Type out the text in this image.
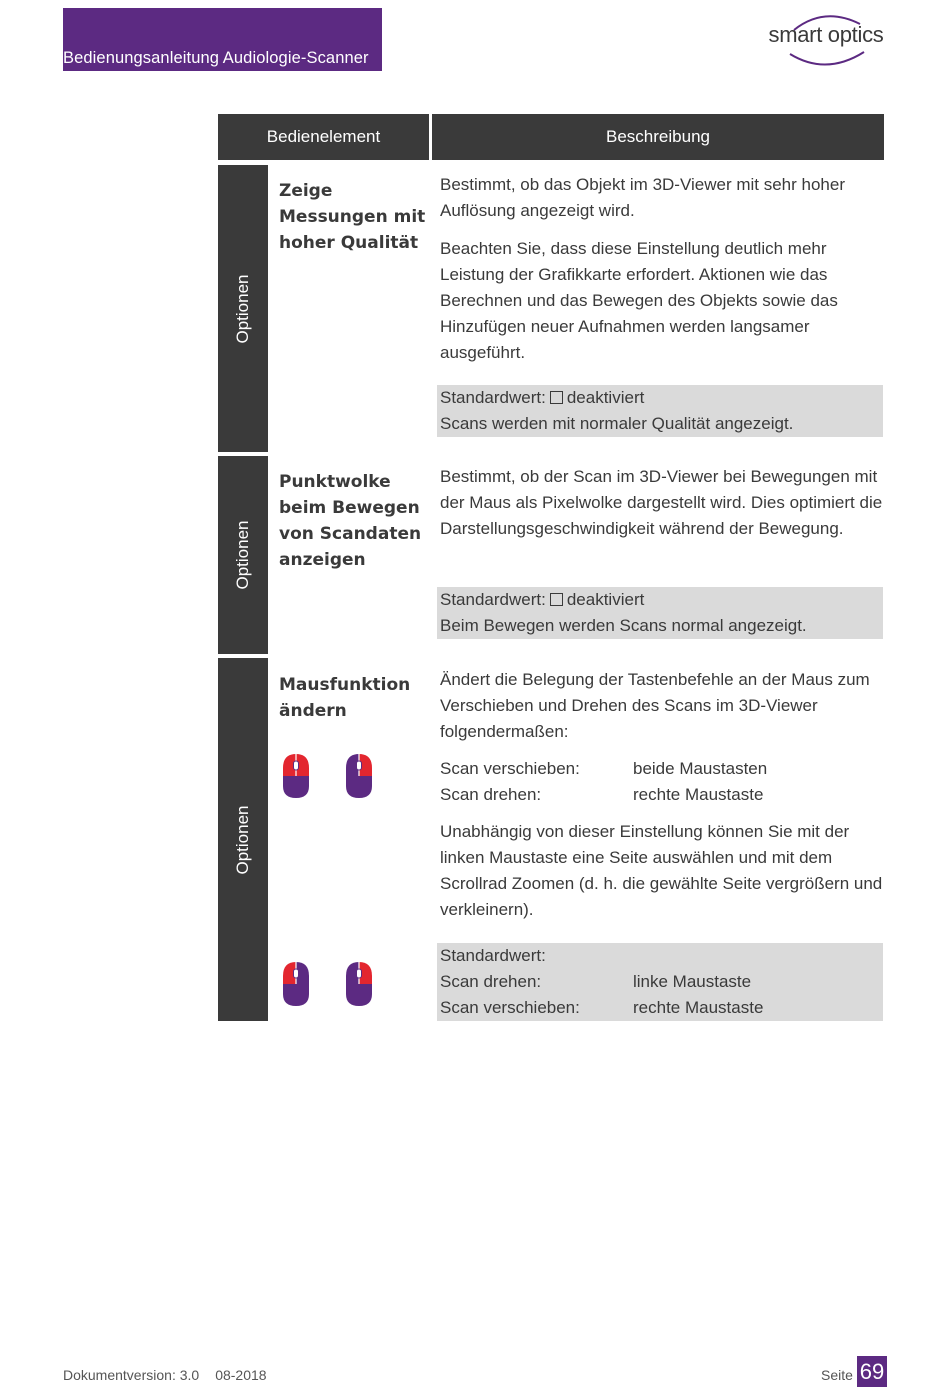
Bedienungsanleitung Audiologie-Scanner
smart optics
Bedienelement	Beschreibung
Optionen
Zeige Messungen mit hoher Qualität
Bestimmt, ob das Objekt im 3D-Viewer mit sehr hoher Auflösung angezeigt wird.
Beachten Sie, dass diese Einstellung deutlich mehr Leistung der Grafikkarte erfordert. Aktionen wie das Berechnen und das Bewegen des Objekts sowie das Hinzufügen neuer Aufnahmen werden langsamer ausgeführt.
Standardwert: deaktiviert
Scans werden mit normaler Qualität angezeigt.
Optionen
Punktwolke beim Bewegen von Scandaten anzeigen
Bestimmt, ob der Scan im 3D-Viewer bei Bewegungen mit der Maus als Pixelwolke dargestellt wird. Dies optimiert die Darstellungsgeschwindigkeit während der Bewegung.
Standardwert: deaktiviert
Beim Bewegen werden Scans normal angezeigt.
Optionen
Mausfunktion ändern
Ändert die Belegung der Tastenbefehle an der Maus zum Verschieben und Drehen des Scans im 3D-Viewer folgendermaßen:
Scan verschieben:	beide Maustasten
Scan drehen:	rechte Maustaste
Unabhängig von dieser Einstellung können Sie mit der linken Maustaste eine Seite auswählen und mit dem Scrollrad Zoomen (d. h. die gewählte Seite vergrößern und verkleinern).
Standardwert:
Scan drehen:	linke Maustaste
Scan verschieben:	rechte Maustaste
Dokumentversion: 3.0 08-2018	Seite 69
